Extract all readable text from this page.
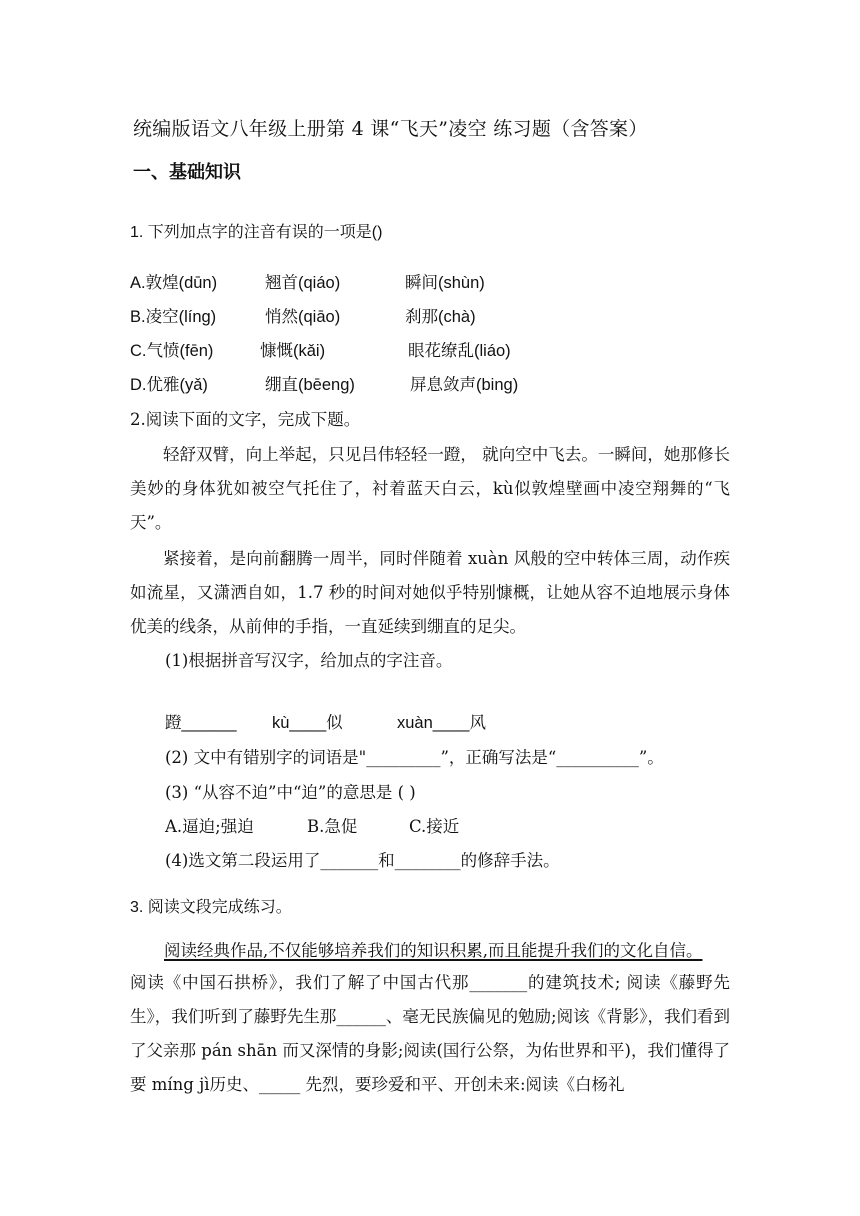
统编版语文八年级上册第 4 课“飞天”凌空 练习题（含答案）
一、基础知识
1. 下列加点字的注音有误的一项是()
A.敦煌(dūn)	翘首(qiáo)	瞬间(shùn)
B.凌空(líng)	悄然(qiāo)	刹那(chà)
C.气愤(fēn)	慷慨(kǎi)	眼花缭乱(liáo)
D.优雅(yǎ)	绷直(bēeng)	屏息敛声(bing)
2.阅读下面的文字，完成下题。
轻舒双臂，向上举起，只见吕伟轻轻一蹬， 就向空中飞去。一瞬间，她那修长美妙的身体犹如被空气托住了，衬着蓝天白云，kù似敦煌壁画中凌空翔舞的“飞天”。
紧接着，是向前翻腾一周半，同时伴随着 xuàn 风般的空中转体三周，动作疾如流星，又潇洒自如，1.7 秒的时间对她似乎特别慷概，让她从容不迫地展示身体优美的线条，从前伸的手指，一直延续到绷直的足尖。
(1)根据拼音写汉字，给加点的字注音。
蹬______ kù____似	xuàn____风
(2) 文中有错别字的词语是"_________”，正确写法是“__________”。
(3) “从容不迫”中“迫”的意思是 ( )
A.逼迫;强迫	B.急促	C.接近
(4)选文第二段运用了_______和________的修辞手法。
3. 阅读文段完成练习。
阅读经典作品,不仅能够培养我们的知识积累,而且能提升我们的文化自信。
阅读《中国石拱桥》，我们了解了中国古代那_______的建筑技术; 阅读《藤野先生》，我们听到了藤野先生那______、毫无民族偏见的勉励;阅该《背影》，我们看到了父亲那 pán shān 而又深情的身影;阅读(国行公祭，为佑世界和平)，我们懂得了要 míng jì历史、_____ 先烈，要珍爱和平、开创未来:阅读《白杨礼
